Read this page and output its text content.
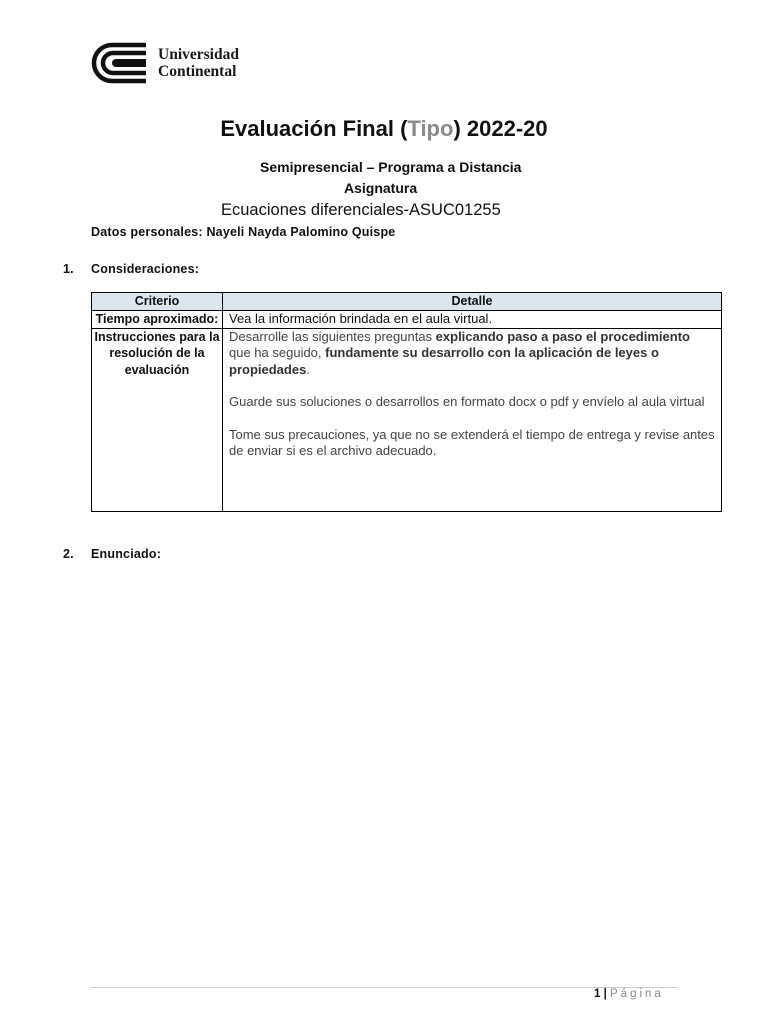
Universidad
Continental
Evaluación Final (Tipo) 2022-20
Semipresencial – Programa a Distancia
Asignatura
Ecuaciones diferenciales-ASUC01255
Datos personales: Nayeli Nayda Palomino Quispe
1. Consideraciones:
Criterio	Detalle
Tiempo aproximado:	Vea la información brindada en el aula virtual.
Instrucciones para la resolución de la evaluación	Desarrolle las siguientes preguntas explicando paso a paso el procedimiento que ha seguido, fundamente su desarrollo con la aplicación de leyes o propiedades.

Guarde sus soluciones o desarrollos en formato docx o pdf y envíelo al aula virtual

Tome sus precauciones, ya que no se extenderá el tiempo de entrega y revise antes de enviar si es el archivo adecuado.

2. Enunciado:
1 | Página
